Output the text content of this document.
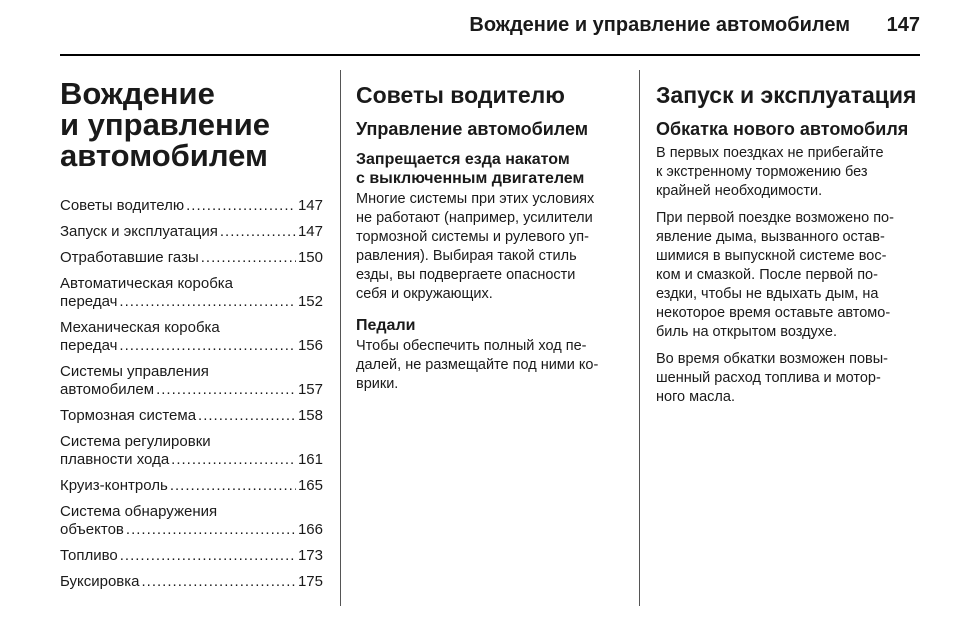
Вождение и управление автомобилем 147
Вождение
и управление
автомобилем
Советы водителю .....	147
Запуск и эксплуатация .....	147
Отработавшие газы .....	150
Автоматическая коробка
передач .....	152
Механическая коробка
передач .....	156
Системы управления
автомобилем .....	157
Тормозная система .....	158
Система регулировки
плавности хода .....	161
Круиз-контроль .....	165
Система обнаружения
объектов .....	166
Топливо .....	173
Буксировка .....	175
Советы водителю
Управление автомобилем
Запрещается езда накатом
с выключенным двигателем
Многие системы при этих условиях
не работают (например, усилители
тормозной системы и рулевого уп-
равления). Выбирая такой стиль
езды, вы подвергаете опасности
себя и окружающих.
Педали
Чтобы обеспечить полный ход пе-
далей, не размещайте под ними ко-
врики.
Запуск и эксплуатация
Обкатка нового автомобиля
В первых поездках не прибегайте
к экстренному торможению без
крайней необходимости.
При первой поездке возможено по-
явление дыма, вызванного остав-
шимися в выпускной системе вос-
ком и смазкой. После первой по-
ездки, чтобы не вдыхать дым, на
некоторое время оставьте автомо-
биль на открытом воздухе.
Во время обкатки возможен повы-
шенный расход топлива и мотор-
ного масла.
